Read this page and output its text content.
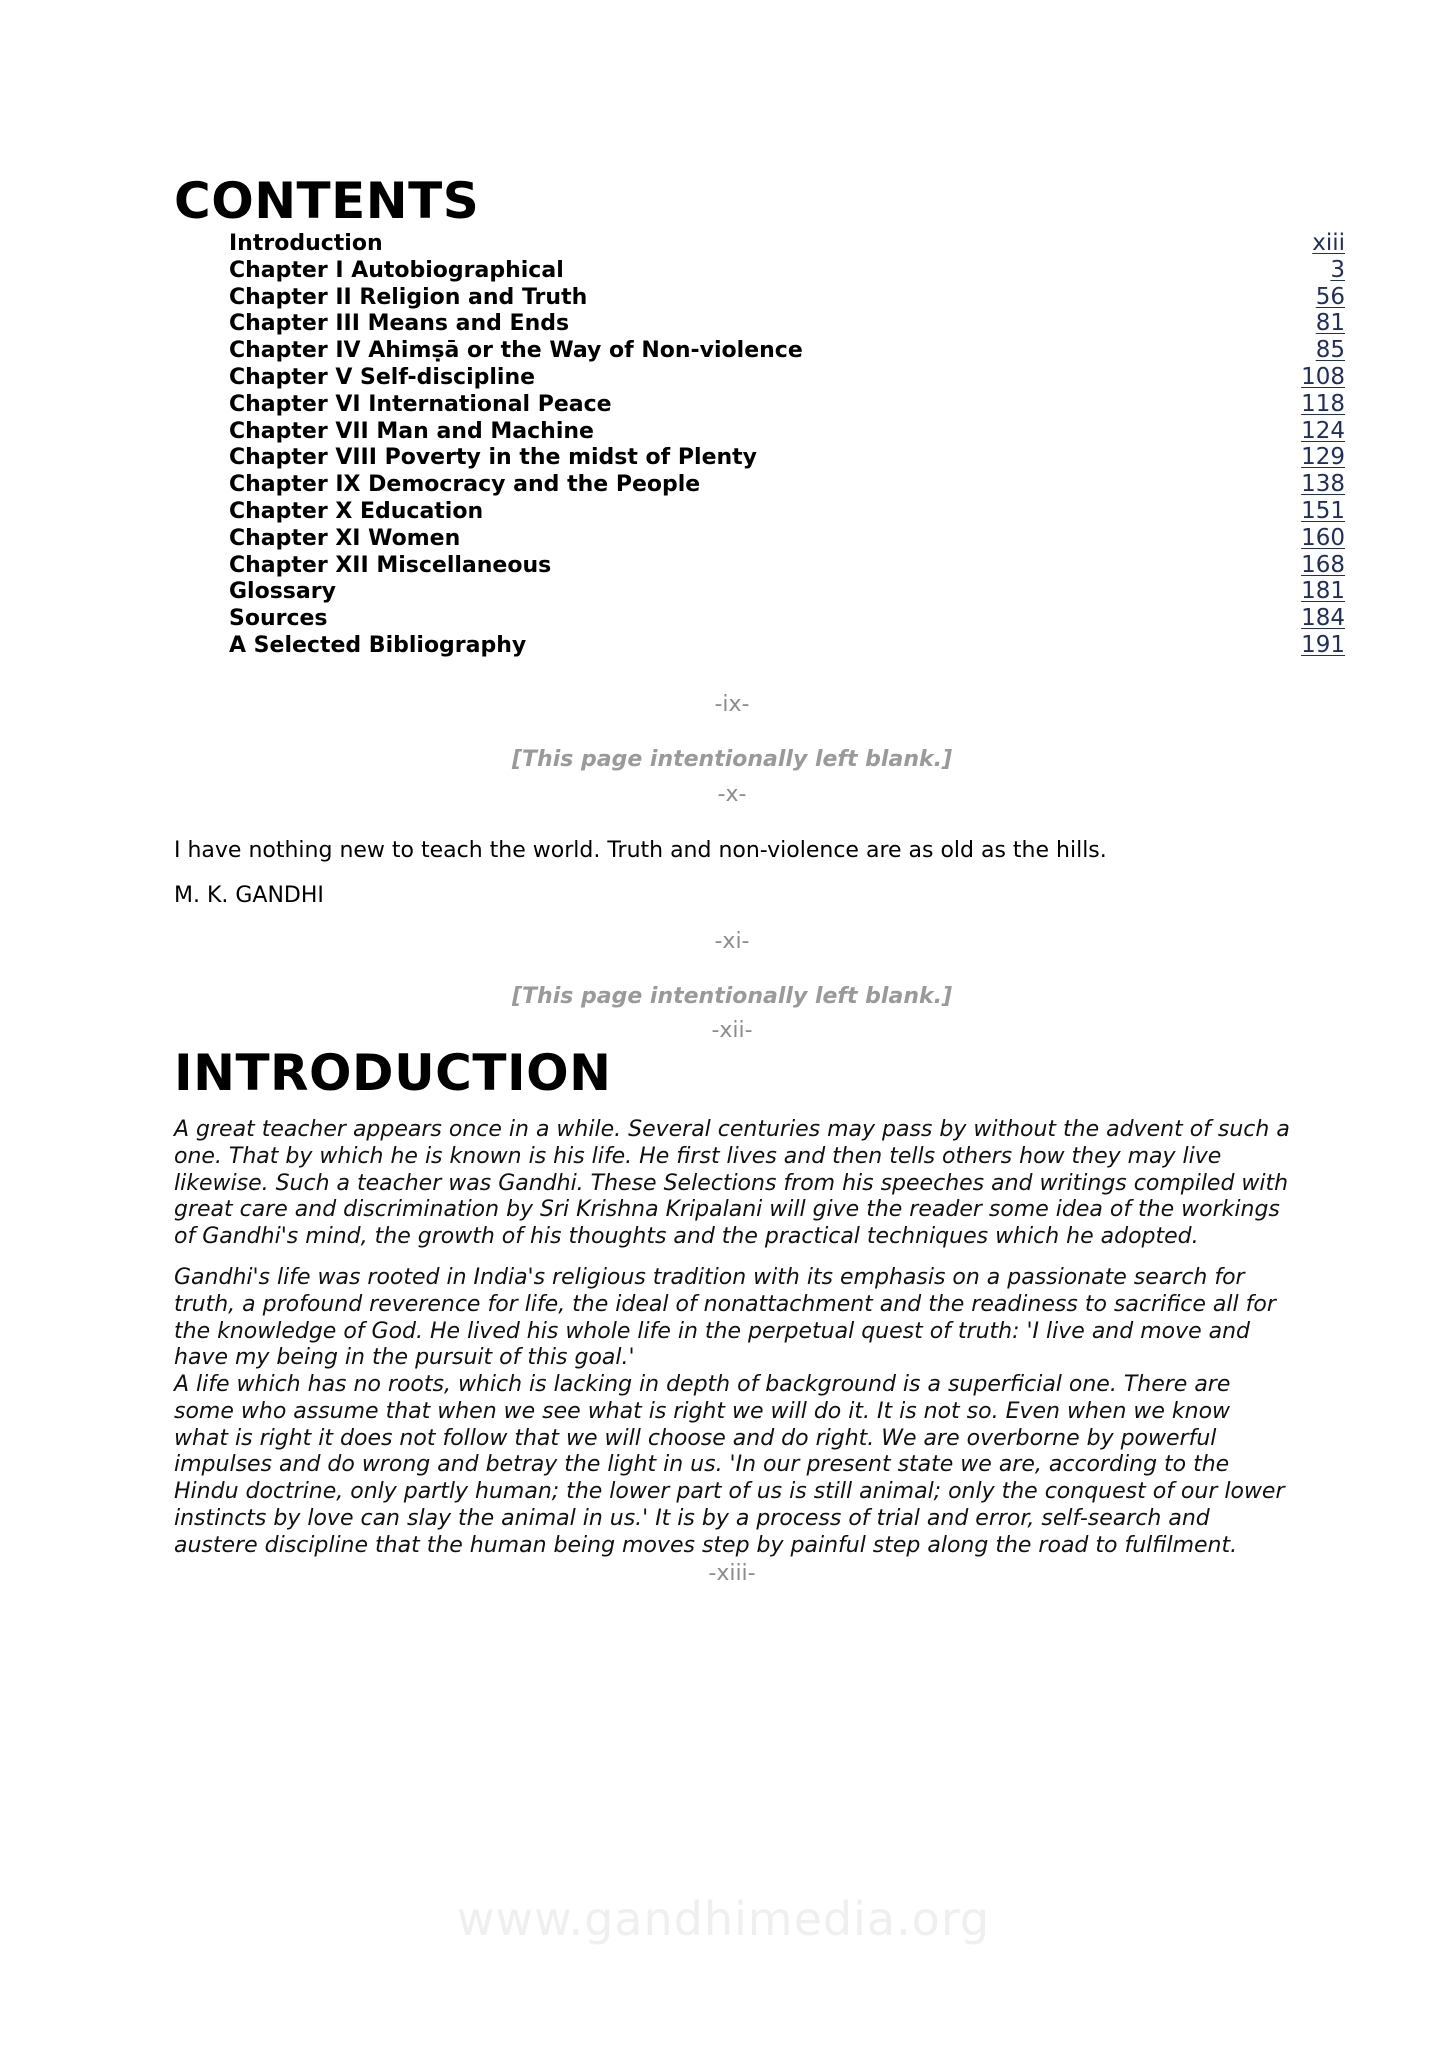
CONTENTS
Introduction	xiii
Chapter I Autobiographical	3
Chapter II Religion and Truth	56
Chapter III Means and Ends	81
Chapter IV Ahimṣā or the Way of Non-violence	85
Chapter V Self-discipline	108
Chapter VI International Peace	118
Chapter VII Man and Machine	124
Chapter VIII Poverty in the midst of Plenty	129
Chapter IX Democracy and the People	138
Chapter X Education	151
Chapter XI Women	160
Chapter XII Miscellaneous	168
Glossary	181
Sources	184
A Selected Bibliography	191
-ix-
[This page intentionally left blank.]
-x-

I have nothing new to teach the world. Truth and non-violence are as old as the hills.

M. K. GANDHI

-xi-
[This page intentionally left blank.]
-xii-
INTRODUCTION

A great teacher appears once in a while. Several centuries may pass by without the advent of such a one. That by which he is known is his life. He first lives and then tells others how they may live likewise. Such a teacher was Gandhi. These Selections from his speeches and writings compiled with great care and discrimination by Sri Krishna Kripalani will give the reader some idea of the workings of Gandhi's mind, the growth of his thoughts and the practical techniques which he adopted.

Gandhi's life was rooted in India's religious tradition with its emphasis on a passionate search for truth, a profound reverence for life, the ideal of nonattachment and the readiness to sacrifice all for the knowledge of God. He lived his whole life in the perpetual quest of truth: 'I live and move and have my being in the pursuit of this goal.'

A life which has no roots, which is lacking in depth of background is a superficial one. There are some who assume that when we see what is right we will do it. It is not so. Even when we know what is right it does not follow that we will choose and do right. We are overborne by powerful impulses and do wrong and betray the light in us. 'In our present state we are, according to the Hindu doctrine, only partly human; the lower part of us is still animal; only the conquest of our lower instincts by love can slay the animal in us.' It is by a process of trial and error, self-search and austere discipline that the human being moves step by painful step along the road to fulfilment.

-xiii-
www.gandhimedia.org
